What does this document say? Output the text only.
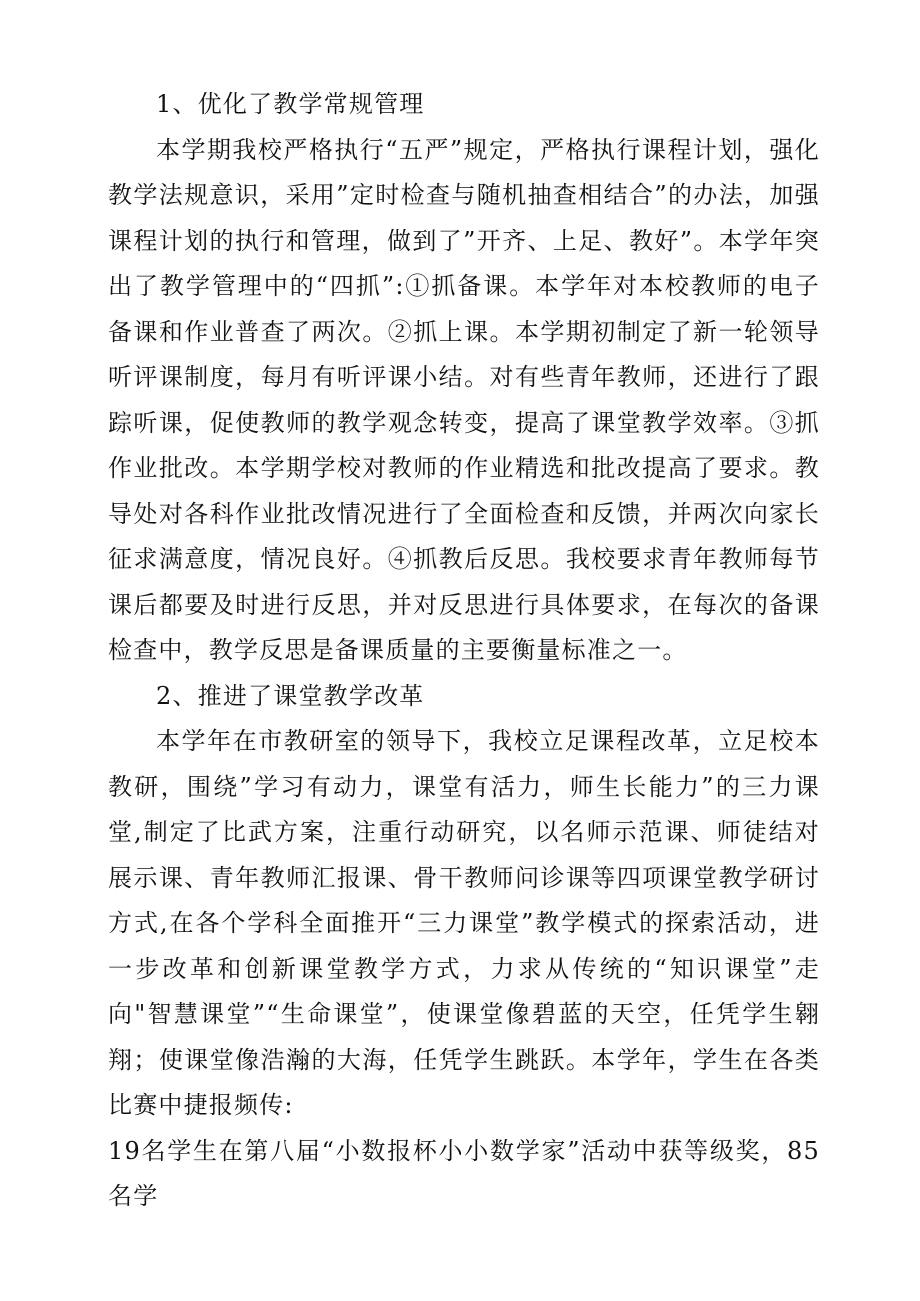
1、优化了教学常规管理

本学期我校严格执行“五严”规定，严格执行课程计划，强化教学法规意识，采用”定时检查与随机抽查相结合”的办法，加强课程计划的执行和管理，做到了”开齐、上足、教好”。本学年突出了教学管理中的“四抓”:①抓备课。本学年对本校教师的电子备课和作业普查了两次。②抓上课。本学期初制定了新一轮领导听评课制度，每月有听评课小结。对有些青年教师，还进行了跟踪听课，促使教师的教学观念转变，提高了课堂教学效率。③抓作业批改。本学期学校对教师的作业精选和批改提高了要求。教导处对各科作业批改情况进行了全面检查和反馈，并两次向家长征求满意度，情况良好。④抓教后反思。我校要求青年教师每节课后都要及时进行反思，并对反思进行具体要求，在每次的备课检查中，教学反思是备课质量的主要衡量标准之一。

2、推进了课堂教学改革

本学年在市教研室的领导下，我校立足课程改革，立足校本教研，围绕”学习有动力，课堂有活力，师生长能力”的三力课堂,制定了比武方案，注重行动研究，以名师示范课、师徒结对展示课、青年教师汇报课、骨干教师问诊课等四项课堂教学研讨方式,在各个学科全面推开“三力课堂”教学模式的探索活动，进一步改革和创新课堂教学方式，力求从传统的“知识课堂”走向"智慧课堂”“生命课堂”，使课堂像碧蓝的天空，任凭学生翱翔；使课堂像浩瀚的大海，任凭学生跳跃。本学年，学生在各类比赛中捷报频传:

19名学生在第八届“小数报杯小小数学家”活动中获等级奖，85名学
